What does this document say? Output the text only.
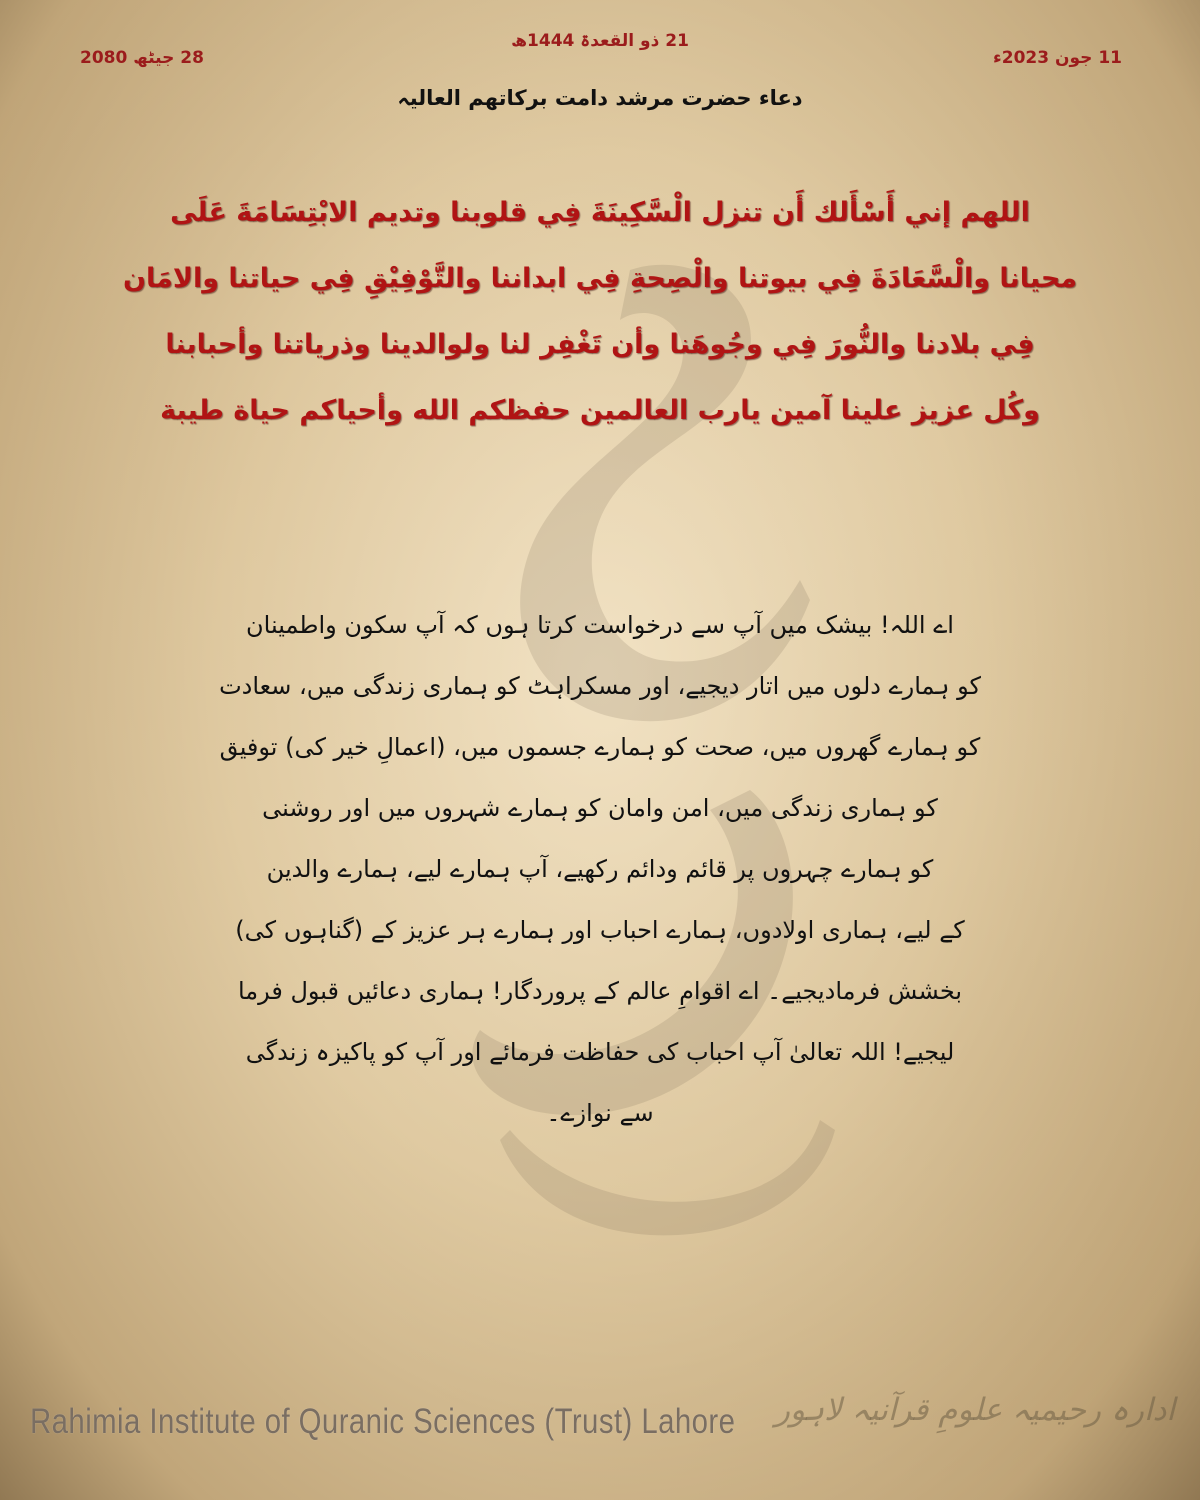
28 جیٹھ 2080
21 ذو القعدۃ 1444ھ
11 جون 2023ء
دعاء حضرت مرشد دامت برکاتھم العالیہ
اللهم إني أَسْأَلك أَن تنزل الْسَّكِينَةَ فِي قلوبنا وتديم الابْتِسَامَةَ عَلَى
محيانا والْسَّعَادَةَ فِي بيوتنا والْصِحةِ فِي ابداننا والتَّوْفِيْقِ فِي حياتنا والامَان
فِي بلادنا والنُّورَ فِي وجُوهَنا وأن تَغْفِر لنا ولوالدينا وذرياتنا وأحبابنا
وكُل عزيز علينا آمين يارب العالمين حفظكم الله وأحياكم حياة طيبة
اے اللہ! بیشک میں آپ سے درخواست کرتا ہوں کہ آپ سکون واطمینان
کو ہمارے دلوں میں اتار دیجیے، اور مسکراہٹ کو ہماری زندگی میں، سعادت
کو ہمارے گھروں میں، صحت کو ہمارے جسموں میں، (اعمالِ خیر کی) توفیق
کو ہماری زندگی میں، امن وامان کو ہمارے شہروں میں اور روشنی
کو ہمارے چہروں پر قائم ودائم رکھیے، آپ ہمارے لیے، ہمارے والدین
کے لیے، ہماری اولادوں، ہمارے احباب اور ہمارے ہر عزیز کے (گناہوں کی)
بخشش فرمادیجیے۔ اے اقوامِ عالم کے پروردگار! ہماری دعائیں قبول فرما
لیجیے! اللہ تعالیٰ آپ احباب کی حفاظت فرمائے اور آپ کو پاکیزہ زندگی
سے نوازے۔
Rahimia Institute of Quranic Sciences (Trust) Lahore ادارہ رحیمیہ علومِ قرآنیہ لاہور
